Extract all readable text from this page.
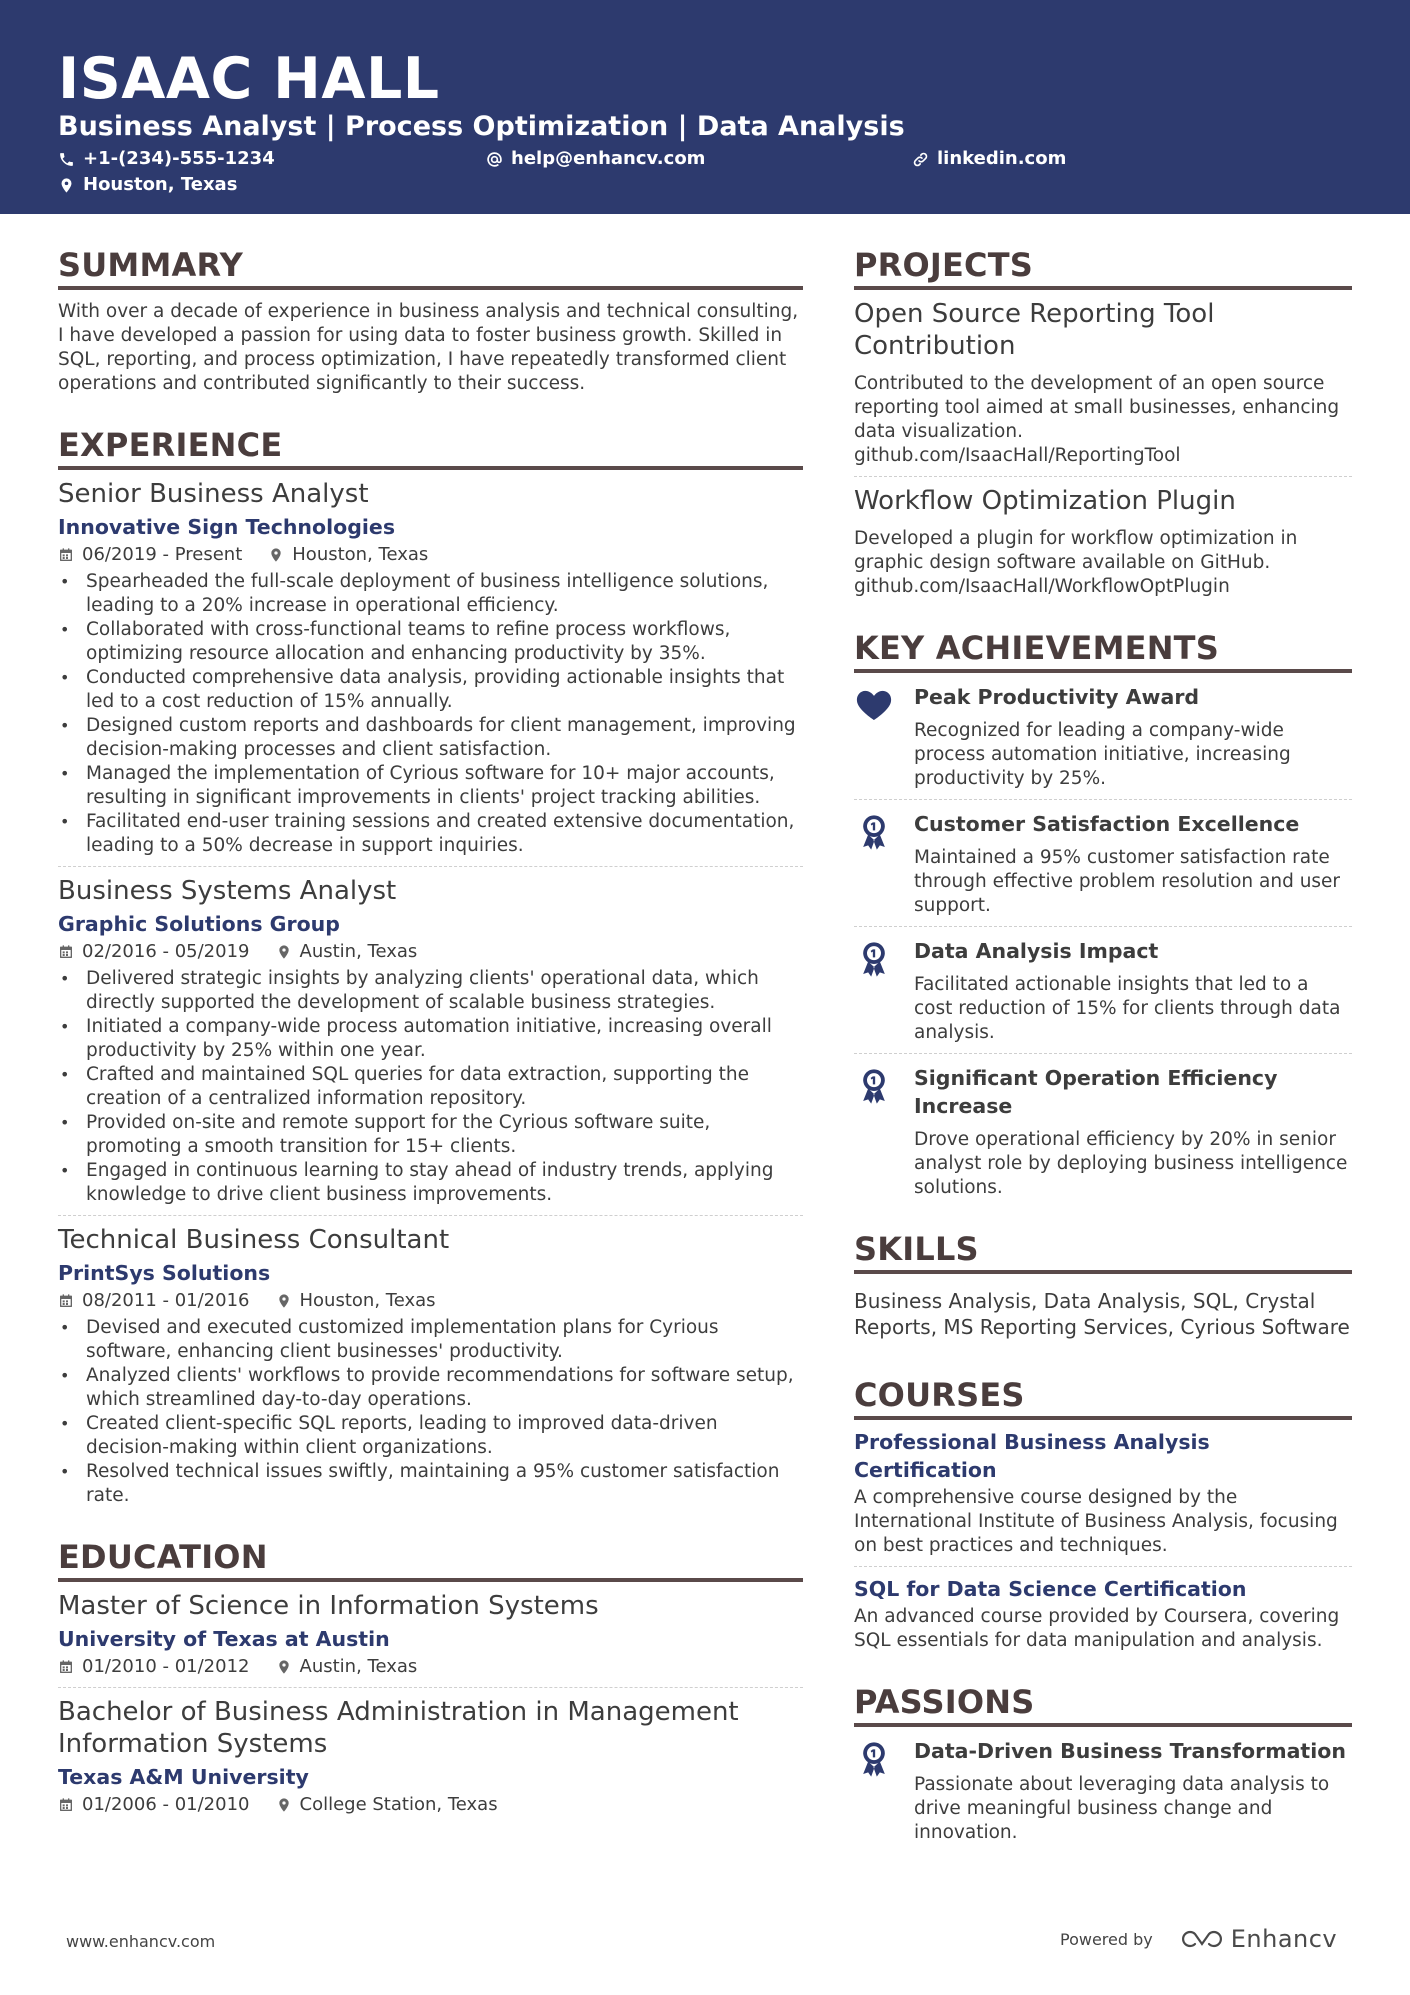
ISAAC HALL
Business Analyst | Process Optimization | Data Analysis
+1-(234)-555-1234	help@enhancv.com	linkedin.com
Houston, Texas
SUMMARY
With over a decade of experience in business analysis and technical consulting, I have developed a passion for using data to foster business growth. Skilled in SQL, reporting, and process optimization, I have repeatedly transformed client operations and contributed significantly to their success.
EXPERIENCE
Senior Business Analyst
Innovative Sign Technologies
06/2019 - Present	Houston, Texas
• Spearheaded the full-scale deployment of business intelligence solutions, leading to a 20% increase in operational efficiency.
• Collaborated with cross-functional teams to refine process workflows, optimizing resource allocation and enhancing productivity by 35%.
• Conducted comprehensive data analysis, providing actionable insights that led to a cost reduction of 15% annually.
• Designed custom reports and dashboards for client management, improving decision-making processes and client satisfaction.
• Managed the implementation of Cyrious software for 10+ major accounts, resulting in significant improvements in clients' project tracking abilities.
• Facilitated end-user training sessions and created extensive documentation, leading to a 50% decrease in support inquiries.
Business Systems Analyst
Graphic Solutions Group
02/2016 - 05/2019	Austin, Texas
• Delivered strategic insights by analyzing clients' operational data, which directly supported the development of scalable business strategies.
• Initiated a company-wide process automation initiative, increasing overall productivity by 25% within one year.
• Crafted and maintained SQL queries for data extraction, supporting the creation of a centralized information repository.
• Provided on-site and remote support for the Cyrious software suite, promoting a smooth transition for 15+ clients.
• Engaged in continuous learning to stay ahead of industry trends, applying knowledge to drive client business improvements.
Technical Business Consultant
PrintSys Solutions
08/2011 - 01/2016	Houston, Texas
• Devised and executed customized implementation plans for Cyrious software, enhancing client businesses' productivity.
• Analyzed clients' workflows to provide recommendations for software setup, which streamlined day-to-day operations.
• Created client-specific SQL reports, leading to improved data-driven decision-making within client organizations.
• Resolved technical issues swiftly, maintaining a 95% customer satisfaction rate.
EDUCATION
Master of Science in Information Systems
University of Texas at Austin
01/2010 - 01/2012	Austin, Texas
Bachelor of Business Administration in Management Information Systems
Texas A&M University
01/2006 - 01/2010	College Station, Texas
PROJECTS
Open Source Reporting Tool Contribution
Contributed to the development of an open source reporting tool aimed at small businesses, enhancing data visualization.
github.com/IsaacHall/ReportingTool
Workflow Optimization Plugin
Developed a plugin for workflow optimization in graphic design software available on GitHub.
github.com/IsaacHall/WorkflowOptPlugin
KEY ACHIEVEMENTS
Peak Productivity Award
Recognized for leading a company-wide process automation initiative, increasing productivity by 25%.
Customer Satisfaction Excellence
Maintained a 95% customer satisfaction rate through effective problem resolution and user support.
Data Analysis Impact
Facilitated actionable insights that led to a cost reduction of 15% for clients through data analysis.
Significant Operation Efficiency Increase
Drove operational efficiency by 20% in senior analyst role by deploying business intelligence solutions.
SKILLS
Business Analysis, Data Analysis, SQL, Crystal Reports, MS Reporting Services, Cyrious Software
COURSES
Professional Business Analysis Certification
A comprehensive course designed by the International Institute of Business Analysis, focusing on best practices and techniques.
SQL for Data Science Certification
An advanced course provided by Coursera, covering SQL essentials for data manipulation and analysis.
PASSIONS
Data-Driven Business Transformation
Passionate about leveraging data analysis to drive meaningful business change and innovation.
www.enhancv.com	Powered by	Enhancv
